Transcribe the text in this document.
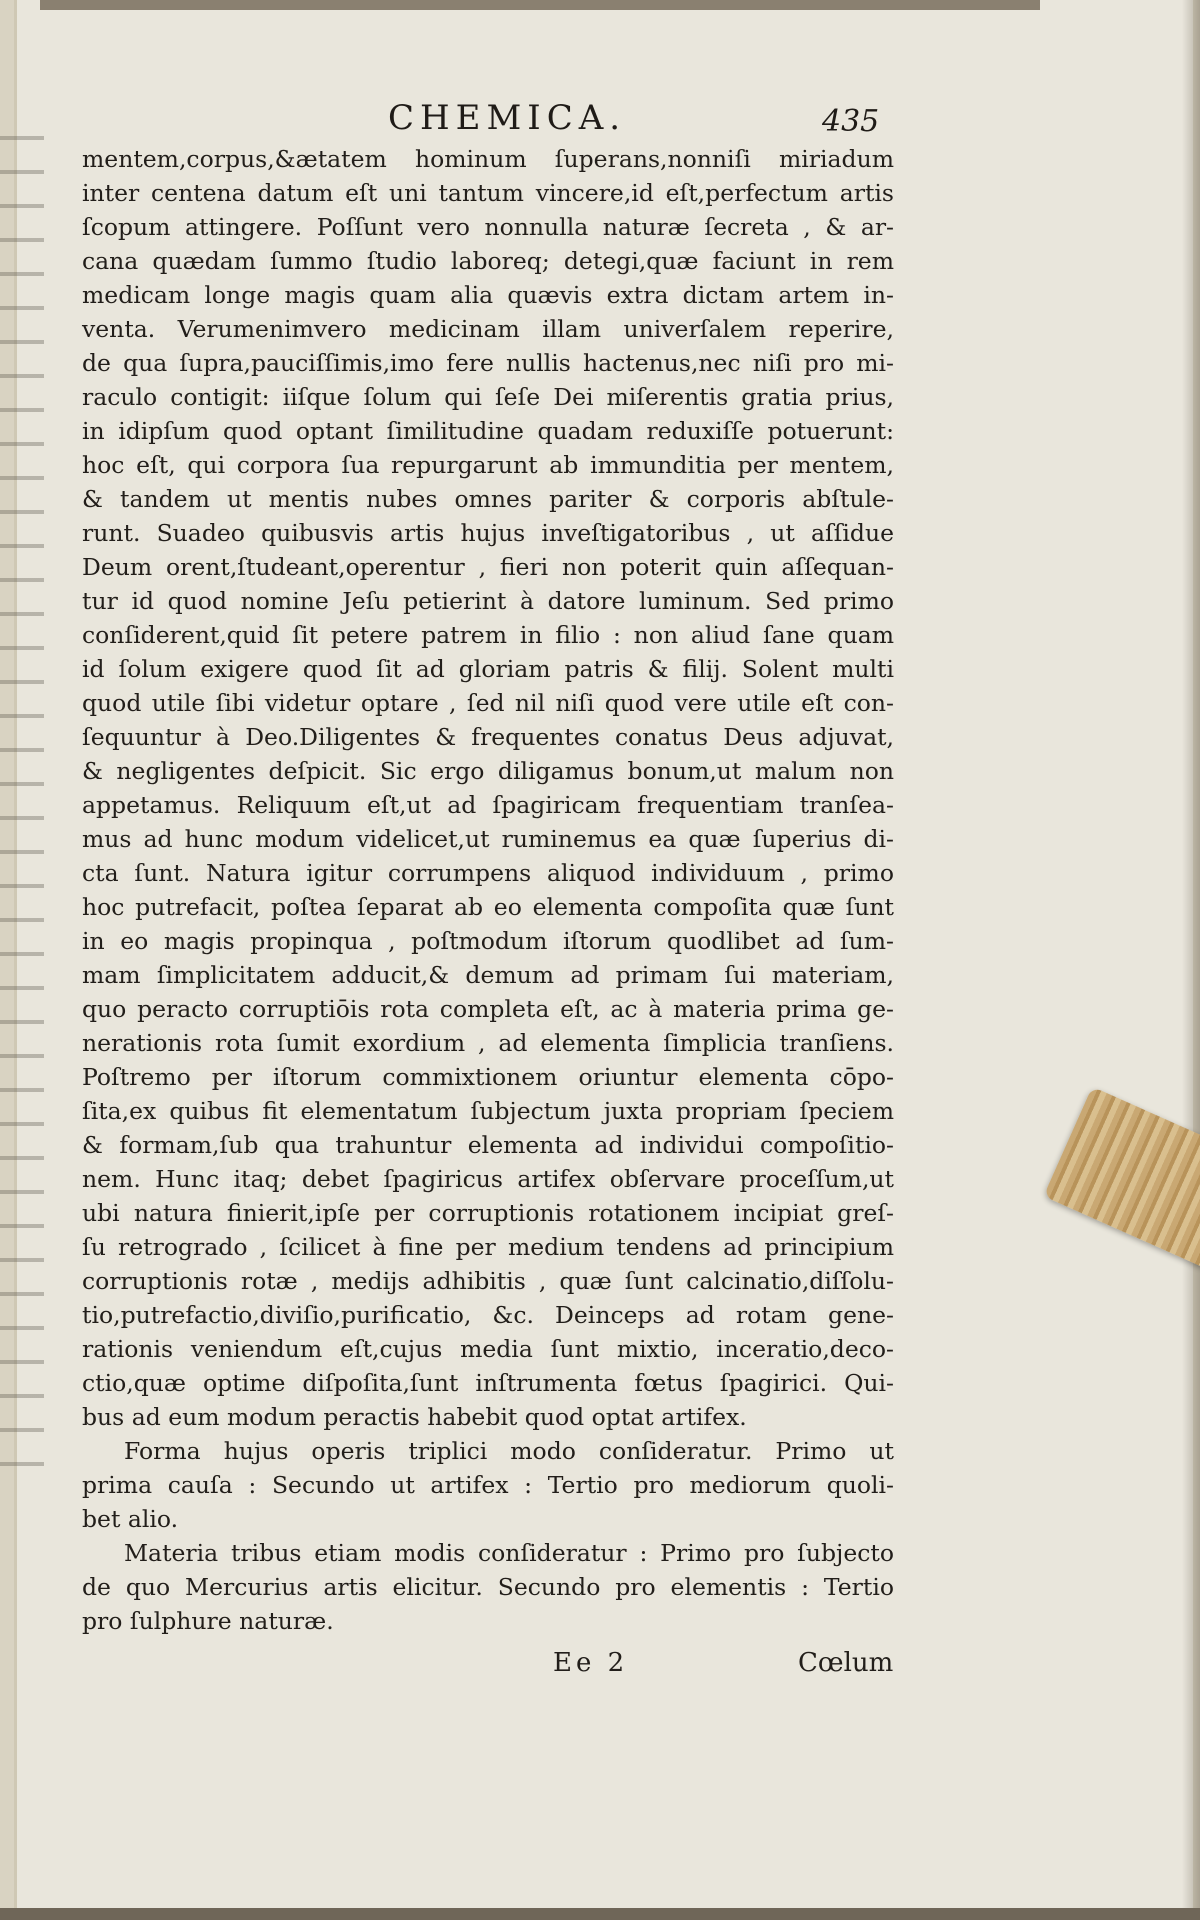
CHEMICA.	435
mentem,corpus,&ætatem hominum ſuperans,nonniſi miriadum
inter centena datum eſt uni tantum vincere,id eſt,perfectum artis
ſcopum attingere. Poſſunt vero nonnulla naturæ ſecreta , & ar-
cana quædam ſummo ſtudio laboreq; detegi,quæ faciunt in rem
medicam longe magis quam alia quævis extra dictam artem in-
venta. Verumenimvero medicinam illam univerſalem reperire,
de qua ſupra,pauciſſimis,imo fere nullis hactenus,nec niſi pro mi-
raculo contigit: iiſque ſolum qui ſeſe Dei miſerentis gratia prius,
in idipſum quod optant ſimilitudine quadam reduxiſſe potuerunt:
hoc eſt, qui corpora ſua repurgarunt ab immunditia per mentem,
& tandem ut mentis nubes omnes pariter & corporis abſtule-
runt. Suadeo quibusvis artis hujus inveſtigatoribus , ut aſſidue
Deum orent,ſtudeant,operentur , fieri non poterit quin aſſequan-
tur id quod nomine Jeſu petierint à datore luminum. Sed primo
conſiderent,quid ſit petere patrem in filio : non aliud ſane quam
id ſolum exigere quod ſit ad gloriam patris & filij. Solent multi
quod utile ſibi videtur optare , ſed nil niſi quod vere utile eſt con-
ſequuntur à Deo.Diligentes & frequentes conatus Deus adjuvat,
& negligentes deſpicit. Sic ergo diligamus bonum,ut malum non
appetamus. Reliquum eſt,ut ad ſpagiricam frequentiam tranſea-
mus ad hunc modum videlicet,ut ruminemus ea quæ ſuperius di-
cta ſunt. Natura igitur corrumpens aliquod individuum , primo
hoc putrefacit, poſtea ſeparat ab eo elementa compoſita quæ ſunt
in eo magis propinqua , poſtmodum iſtorum quodlibet ad ſum-
mam ſimplicitatem adducit,& demum ad primam ſui materiam,
quo peracto corruptiōis rota completa eſt, ac à materia prima ge-
nerationis rota ſumit exordium , ad elementa ſimplicia tranſiens.
Poſtremo per iſtorum commixtionem oriuntur elementa cōpo-
ſita,ex quibus fit elementatum ſubjectum juxta propriam ſpeciem
& formam,ſub qua trahuntur elementa ad individui compoſitio-
nem. Hunc itaq; debet ſpagiricus artifex obſervare proceſſum,ut
ubi natura finierit,ipſe per corruptionis rotationem incipiat greſ-
ſu retrogrado , ſcilicet à fine per medium tendens ad principium
corruptionis rotæ , medijs adhibitis , quæ ſunt calcinatio,diſſolu-
tio,putrefactio,diviſio,purificatio, &c. Deinceps ad rotam gene-
rationis veniendum eſt,cujus media ſunt mixtio, inceratio,deco-
ctio,quæ optime diſpoſita,ſunt inſtrumenta fœtus ſpagirici. Qui-
bus ad eum modum peractis habebit quod optat artifex.
Forma hujus operis triplici modo conſideratur. Primo ut
prima cauſa : Secundo ut artifex : Tertio pro mediorum quoli-
bet alio.
Materia tribus etiam modis conſideratur : Primo pro ſubjecto
de quo Mercurius artis elicitur. Secundo pro elementis : Tertio
pro ſulphure naturæ.
Ee 2	Cœlum
